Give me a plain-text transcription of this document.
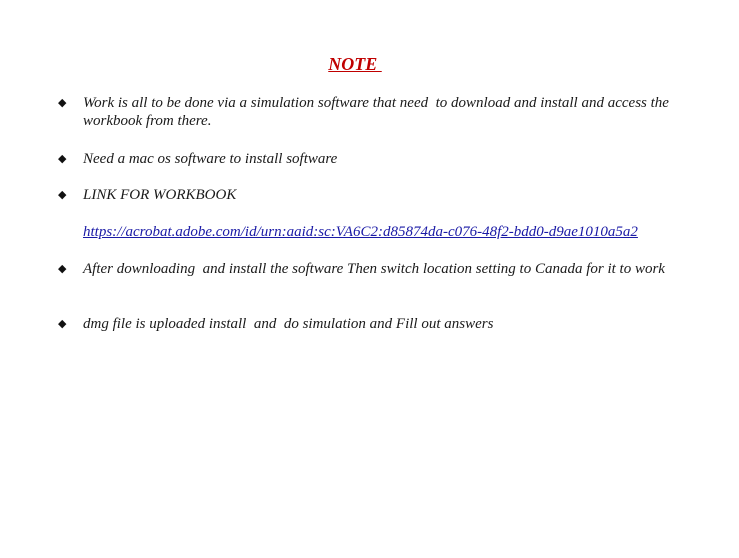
NOTE
◆ Work is all to be done via a simulation software that need  to download and install and access the workbook from there.
◆ Need a mac os software to install software
◆ LINK FOR WORKBOOK
https://acrobat.adobe.com/id/urn:aaid:sc:VA6C2:d85874da-c076-48f2-bdd0-d9ae1010a5a2
◆ After downloading  and install the software Then switch location setting to Canada for it to work
◆ dmg file is uploaded install  and  do simulation and Fill out answers
